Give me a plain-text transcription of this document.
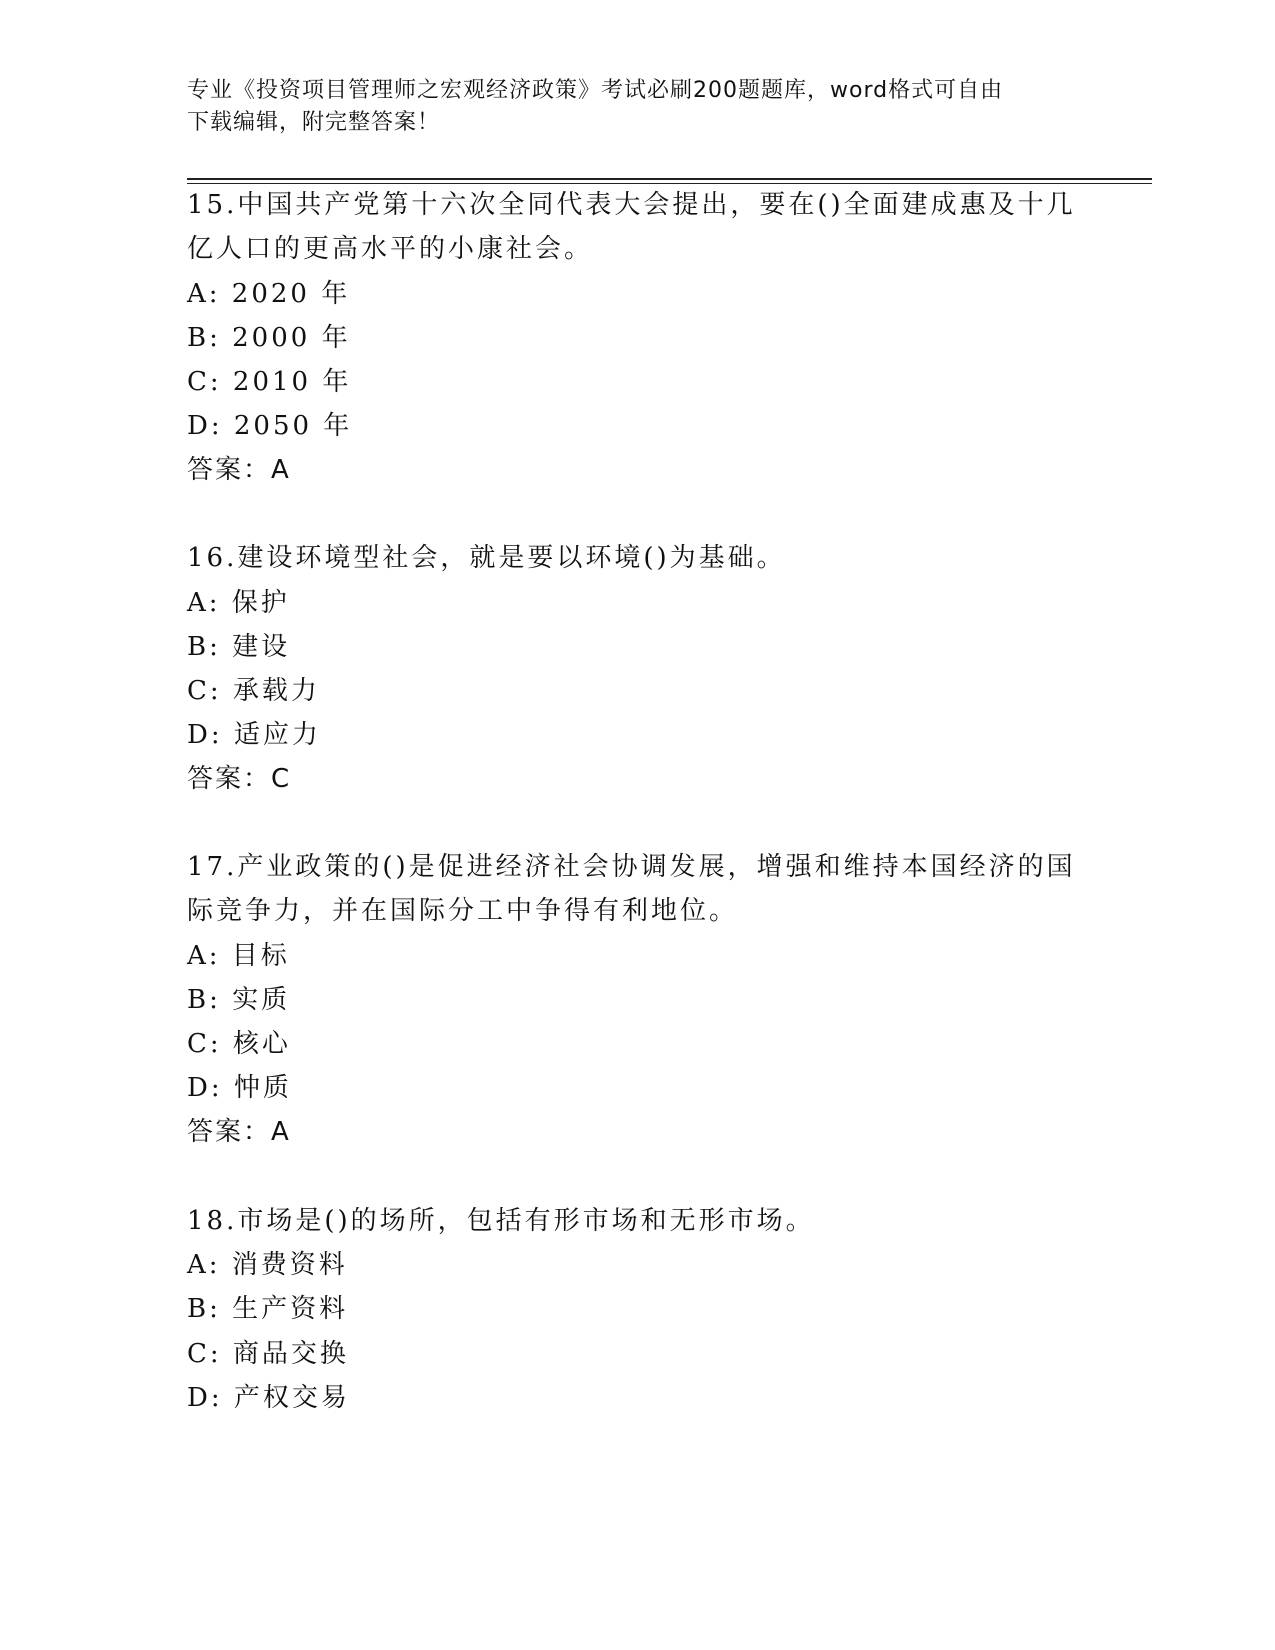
专业《投资项目管理师之宏观经济政策》考试必刷200题题库，word格式可自由
下载编辑，附完整答案！
15.中国共产党第十六次全同代表大会提出，要在()全面建成惠及十几
亿人口的更高水平的小康社会。
A: 2020 年
B: 2000 年
C: 2010 年
D: 2050 年
答案：A
16.建设环境型社会，就是要以环境()为基础。
A: 保护
B: 建设
C: 承载力
D: 适应力
答案：C
17.产业政策的()是促进经济社会协调发展，增强和维持本国经济的国
际竞争力，并在国际分工中争得有利地位。
A: 目标
B: 实质
C: 核心
D: 忡质
答案：A
18.市场是()的场所，包括有形市场和无形市场。
A: 消费资料
B: 生产资料
C: 商品交换
D: 产权交易
